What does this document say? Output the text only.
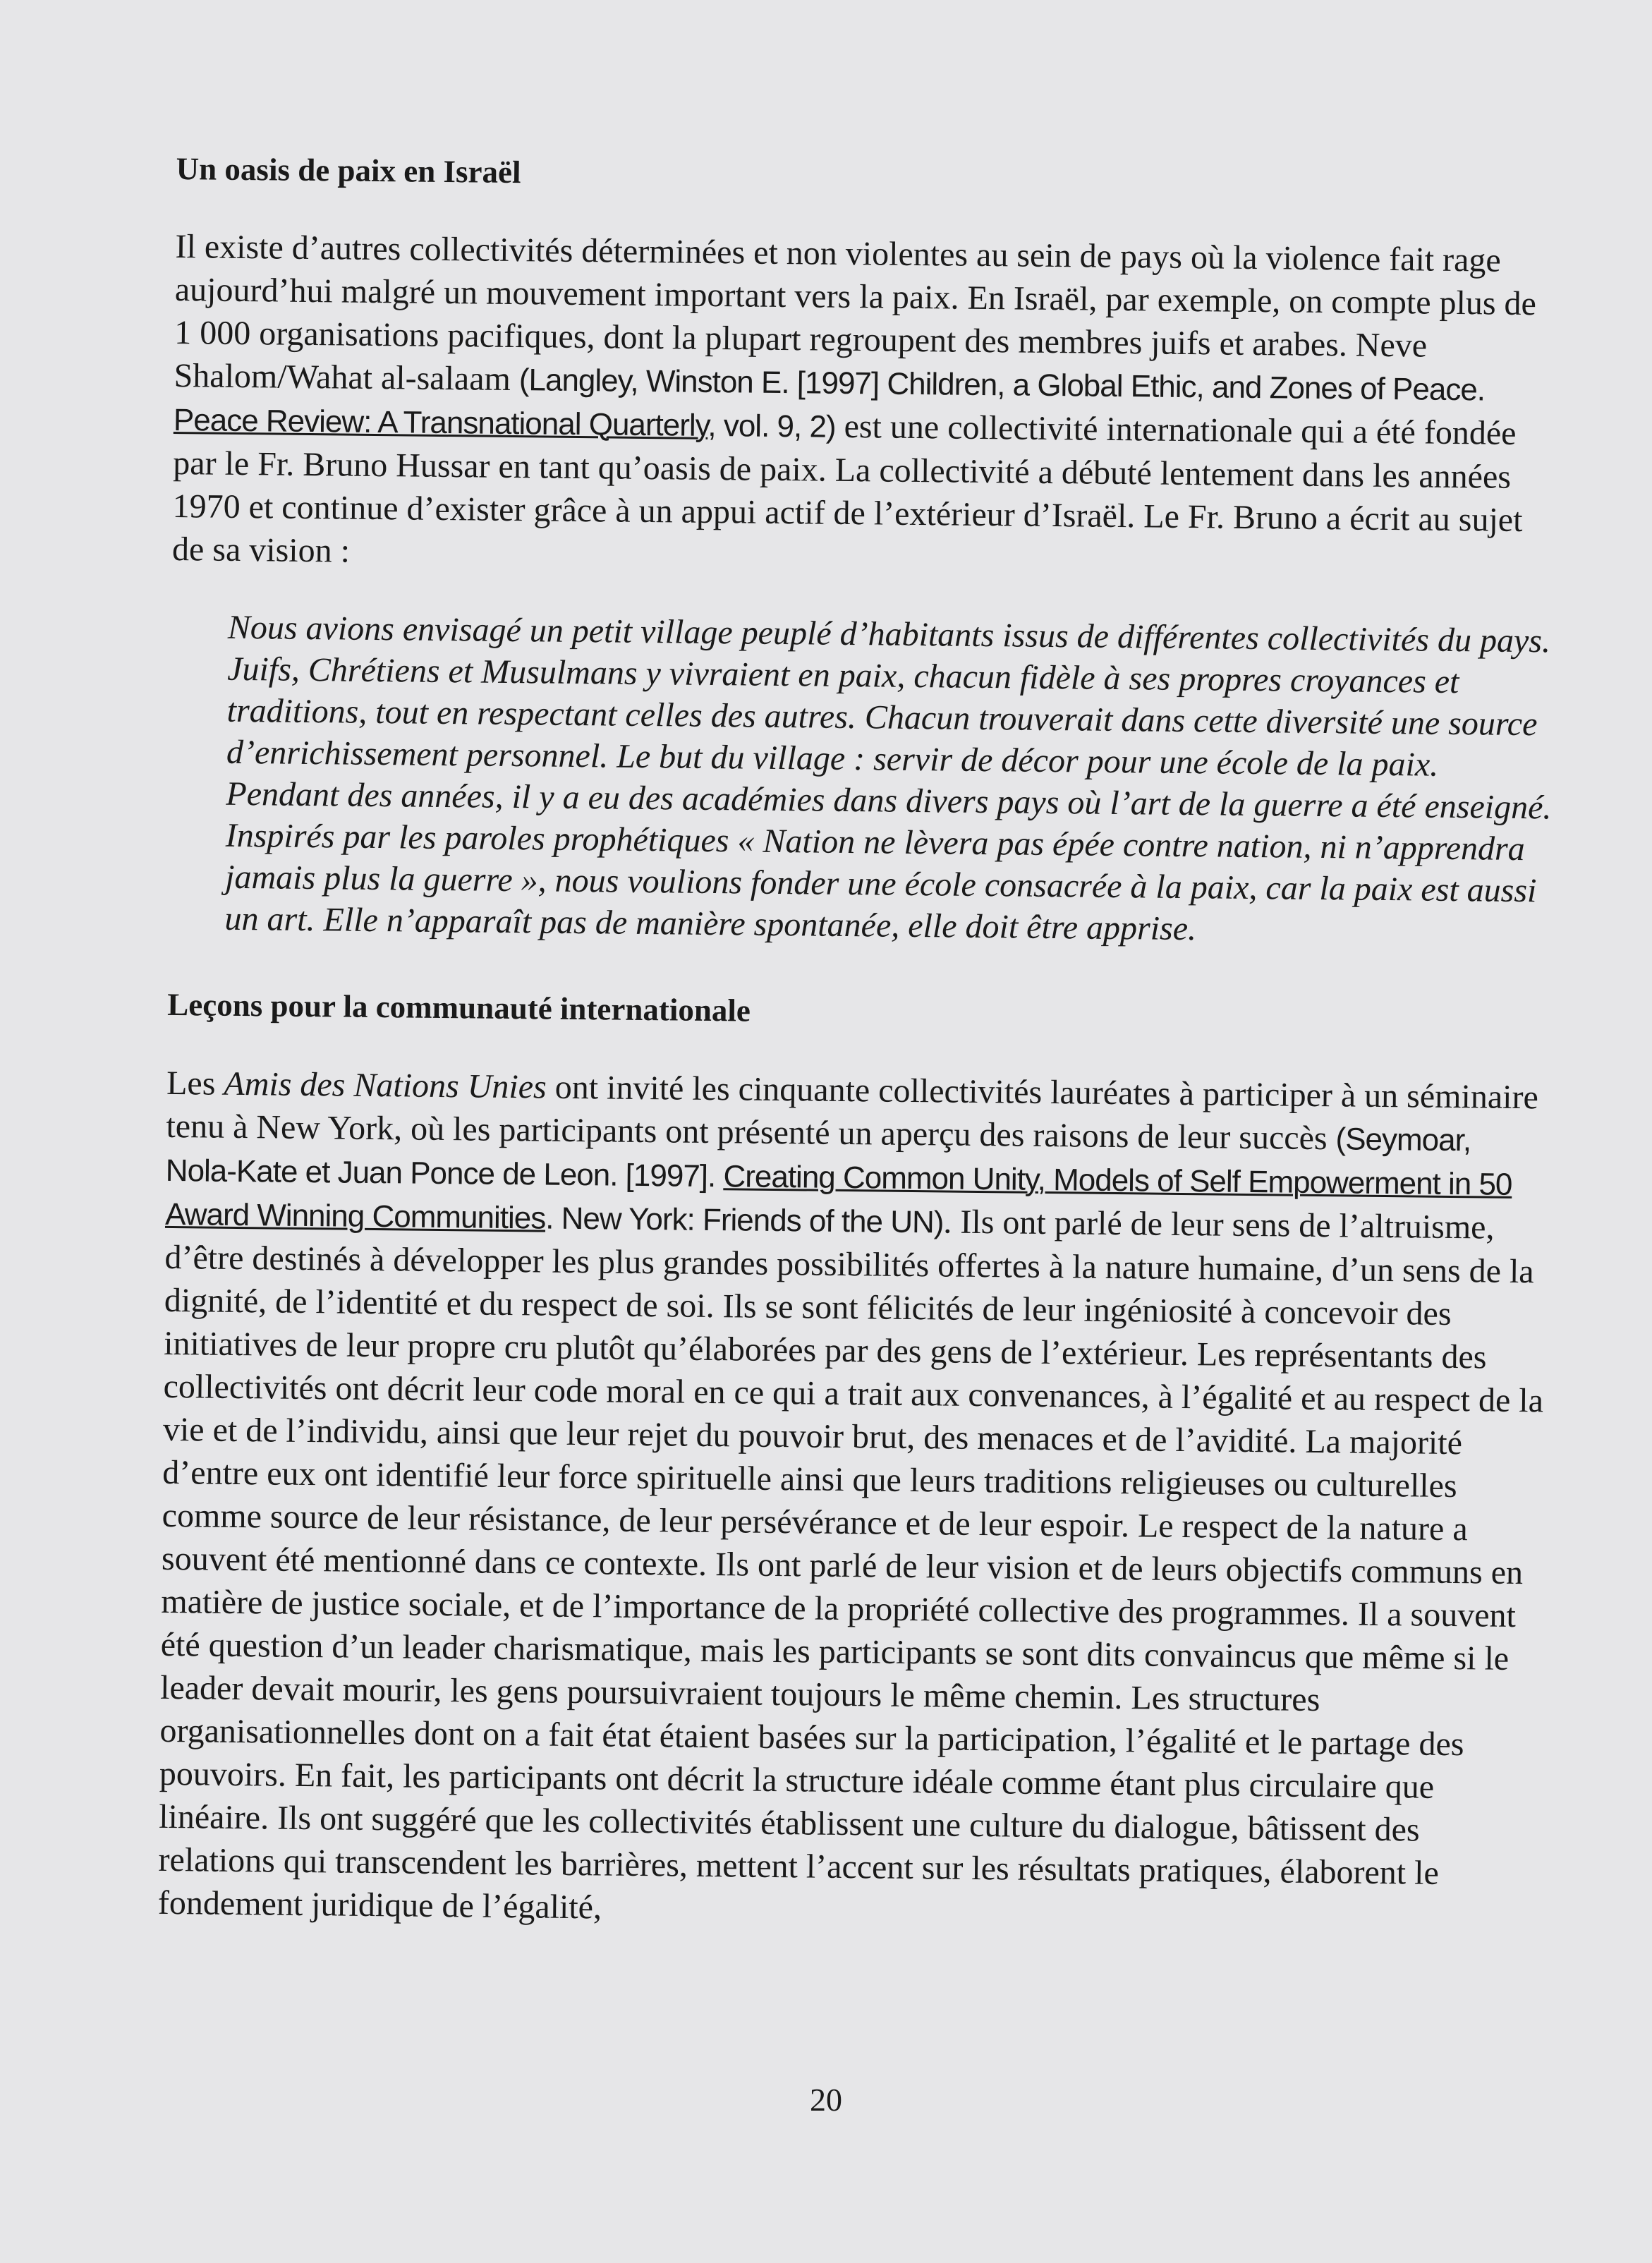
Un oasis de paix en Israël

Il existe d’autres collectivités déterminées et non violentes au sein de pays où la violence fait rage aujourd’hui malgré un mouvement important vers la paix. En Israël, par exemple, on compte plus de 1 000 organisations pacifiques, dont la plupart regroupent des membres juifs et arabes. Neve Shalom/Wahat al-salaam (Langley, Winston E. [1997] Children, a Global Ethic, and Zones of Peace. Peace Review: A Transnational Quarterly, vol. 9, 2) est une collectivité internationale qui a été fondée par le Fr. Bruno Hussar en tant qu’oasis de paix. La collectivité a débuté lentement dans les années 1970 et continue d’exister grâce à un appui actif de l’extérieur d’Israël. Le Fr. Bruno a écrit au sujet de sa vision :

Nous avions envisagé un petit village peuplé d’habitants issus de différentes collectivités du pays. Juifs, Chrétiens et Musulmans y vivraient en paix, chacun fidèle à ses propres croyances et traditions, tout en respectant celles des autres. Chacun trouverait dans cette diversité une source d’enrichissement personnel. Le but du village : servir de décor pour une école de la paix. Pendant des années, il y a eu des académies dans divers pays où l’art de la guerre a été enseigné. Inspirés par les paroles prophétiques « Nation ne lèvera pas épée contre nation, ni n’apprendra jamais plus la guerre », nous voulions fonder une école consacrée à la paix, car la paix est aussi un art. Elle n’apparaît pas de manière spontanée, elle doit être apprise.
Leçons pour la communauté internationale

Les Amis des Nations Unies ont invité les cinquante collectivités lauréates à participer à un séminaire tenu à New York, où les participants ont présenté un aperçu des raisons de leur succès (Seymoar, Nola-Kate et Juan Ponce de Leon. [1997]. Creating Common Unity, Models of Self Empowerment in 50 Award Winning Communities. New York: Friends of the UN). Ils ont parlé de leur sens de l’altruisme, d’être destinés à développer les plus grandes possibilités offertes à la nature humaine, d’un sens de la dignité, de l’identité et du respect de soi. Ils se sont félicités de leur ingéniosité à concevoir des initiatives de leur propre cru plutôt qu’élaborées par des gens de l’extérieur. Les représentants des collectivités ont décrit leur code moral en ce qui a trait aux convenances, à l’égalité et au respect de la vie et de l’individu, ainsi que leur rejet du pouvoir brut, des menaces et de l’avidité. La majorité d’entre eux ont identifié leur force spirituelle ainsi que leurs traditions religieuses ou culturelles comme source de leur résistance, de leur persévérance et de leur espoir. Le respect de la nature a souvent été mentionné dans ce contexte. Ils ont parlé de leur vision et de leurs objectifs communs en matière de justice sociale, et de l’importance de la propriété collective des programmes. Il a souvent été question d’un leader charismatique, mais les participants se sont dits convaincus que même si le leader devait mourir, les gens poursuivraient toujours le même chemin. Les structures organisationnelles dont on a fait état étaient basées sur la participation, l’égalité et le partage des pouvoirs. En fait, les participants ont décrit la structure idéale comme étant plus circulaire que linéaire. Ils ont suggéré que les collectivités établissent une culture du dialogue, bâtissent des relations qui transcendent les barrières, mettent l’accent sur les résultats pratiques, élaborent le fondement juridique de l’égalité,

20
